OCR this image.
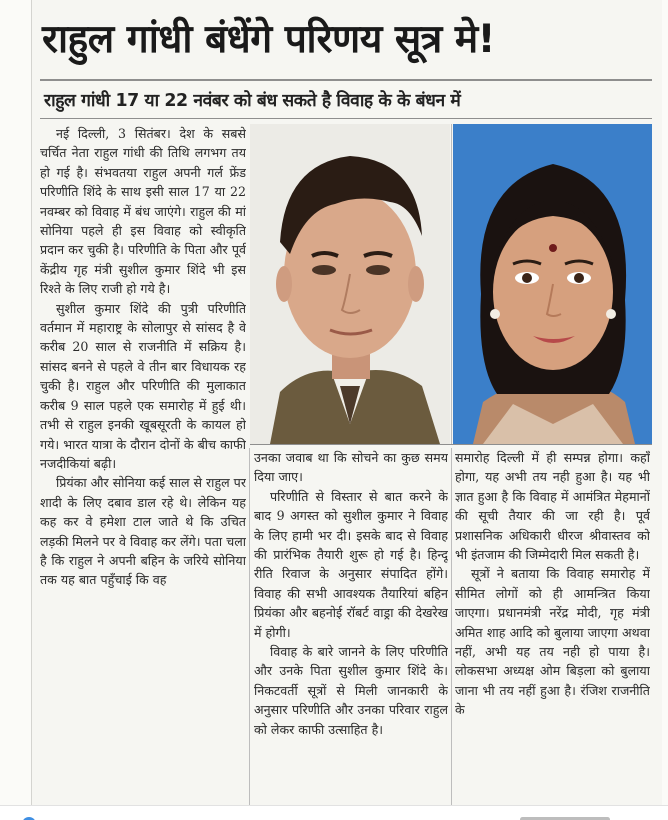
राहुल गांधी बंधेंगे परिणय सूत्र मे!
राहुल गांधी 17 या 22 नवंबर को बंध सकते है विवाह के के बंधन में

नई दिल्ली, 3 सितंबर। देश के सबसे चर्चित नेता राहुल गांधी की तिथि लगभग तय हो गई है। संभवतया राहुल अपनी गर्ल फ्रेंड परिणीति शिंदे के साथ इसी साल 17 या 22 नवम्बर को विवाह में बंध जाएंगे। राहुल की मां सोनिया पहले ही इस विवाह को स्वीकृति प्रदान कर चुकी है। परिणीति के पिता और पूर्व केंद्रीय गृह मंत्री सुशील कुमार शिंदे भी इस रिश्ते के लिए राजी हो गये है।

सुशील कुमार शिंदे की पुत्री परिणीति वर्तमान में महाराष्ट्र के सोलापुर से सांसद है वे करीब 20 साल से राजनीति में सक्रिय है। सांसद बनने से पहले वे तीन बार विधायक रह चुकी है। राहुल और परिणीति की मुलाकात करीब 9 साल पहले एक समारोह में हुई थी। तभी से राहुल इनकी खूबसूरती के कायल हो गये। भारत यात्रा के दौरान दोनों के बीच काफी नजदीकियां बढ़ी।

प्रियंका और सोनिया कई साल से राहुल पर शादी के लिए दबाव डाल रहे थे। लेकिन यह कह कर वे हमेशा टाल जाते थे कि उचित लड़की मिलने पर वे विवाह कर लेंगे। पता चला है कि राहुल ने अपनी बहिन के जरिये सोनिया तक यह बात पहुँचाई कि वह

उनका जवाब था कि सोचने का कुछ समय दिया जाए।

परिणीति से विस्तार से बात करने के बाद 9 अगस्त को सुशील कुमार ने विवाह के लिए हामी भर दी। इसके बाद से विवाह की प्रारंभिक तैयारी शुरू हो गई है। हिन्दू रीति रिवाज के अनुसार संपादित होंगे। विवाह की सभी आवश्यक तैयारियां बहिन प्रियंका और बहनोई रॉबर्ट वाड्रा की देखरेख में होगी।

विवाह के बारे जानने के लिए परिणीति और उनके पिता सुशील कुमार शिंदे के। निकटवर्ती सूत्रों से मिली जानकारी के अनुसार परिणीति और उनका परिवार राहुल को लेकर काफी उत्साहित है।

समारोह दिल्ली में ही सम्पन्न होगा। कहाँ होगा, यह अभी तय नही हुआ है। यह भी ज्ञात हुआ है कि विवाह में आमंत्रित मेहमानों की सूची तैयार की जा रही है। पूर्व प्रशासनिक अधिकारी धीरज श्रीवास्तव को भी इंतजाम की जिम्मेदारी मिल सकती है।

सूत्रों ने बताया कि विवाह समारोह में सीमित लोगों को ही आमन्त्रित किया जाएगा। प्रधानमंत्री नरेंद्र मोदी, गृह मंत्री अमित शाह आदि को बुलाया जाएगा अथवा नहीं, अभी यह तय नही हो पाया है। लोकसभा अध्यक्ष ओम बिड़ला को बुलाया जाना भी तय नहीं हुआ है। रंजिश राजनीति के
